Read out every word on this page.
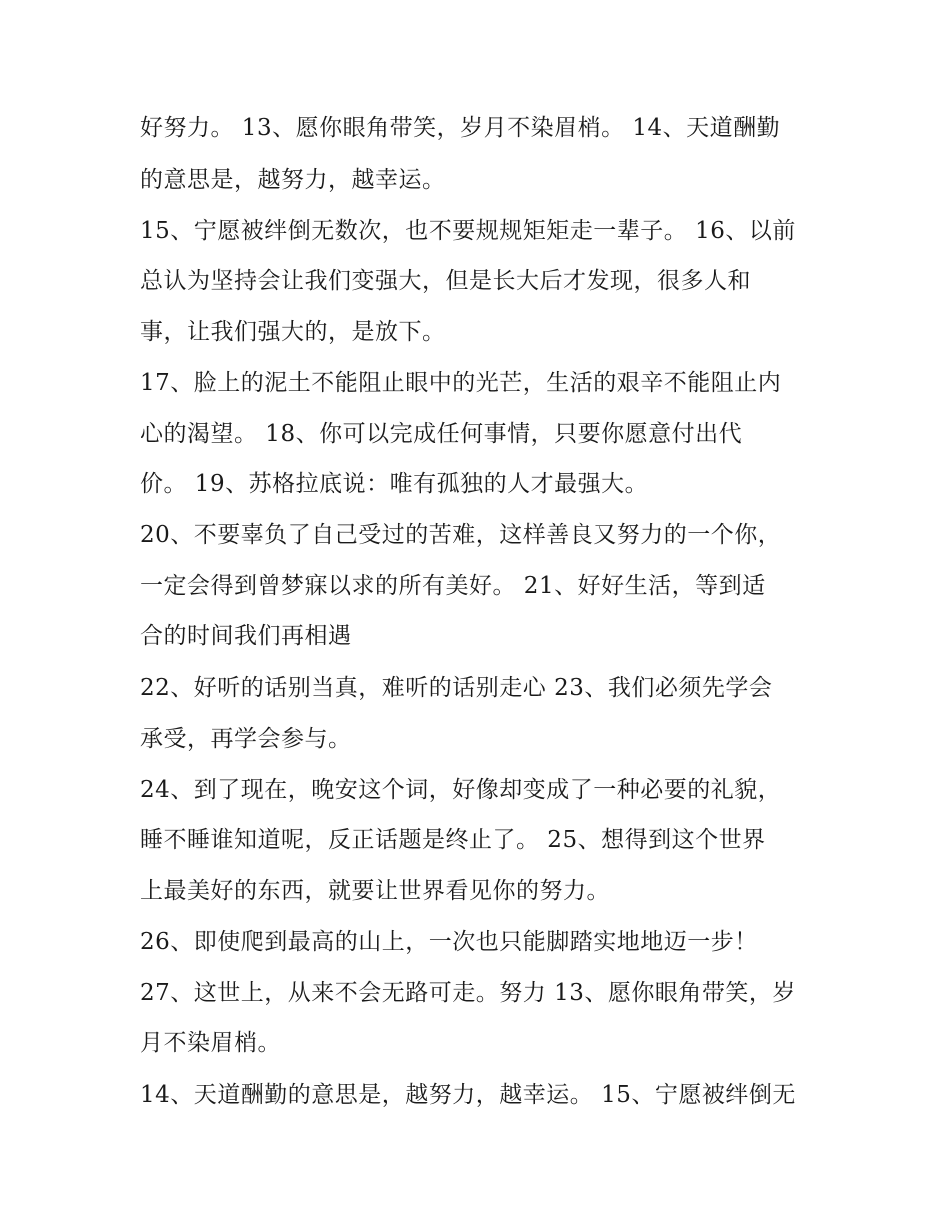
好努力。 13、愿你眼角带笑，岁月不染眉梢。 14、天道酬勤
的意思是，越努力，越幸运。
15、宁愿被绊倒无数次，也不要规规矩矩走一辈子。 16、以前
总认为坚持会让我们变强大，但是长大后才发现，很多人和
事，让我们强大的，是放下。
17、脸上的泥土不能阻止眼中的光芒，生活的艰辛不能阻止内
心的渴望。 18、你可以完成任何事情，只要你愿意付出代
价。 19、苏格拉底说：唯有孤独的人才最强大。
20、不要辜负了自己受过的苦难，这样善良又努力的一个你，
一定会得到曾梦寐以求的所有美好。 21、好好生活，等到适
合的时间我们再相遇
22、好听的话别当真，难听的话别走心 23、我们必须先学会
承受，再学会参与。
24、到了现在，晚安这个词，好像却变成了一种必要的礼貌，
睡不睡谁知道呢，反正话题是终止了。 25、想得到这个世界
上最美好的东西，就要让世界看见你的努力。
26、即使爬到最高的山上，一次也只能脚踏实地地迈一步！
27、这世上，从来不会无路可走。努力 13、愿你眼角带笑，岁
月不染眉梢。
14、天道酬勤的意思是，越努力，越幸运。 15、宁愿被绊倒无
